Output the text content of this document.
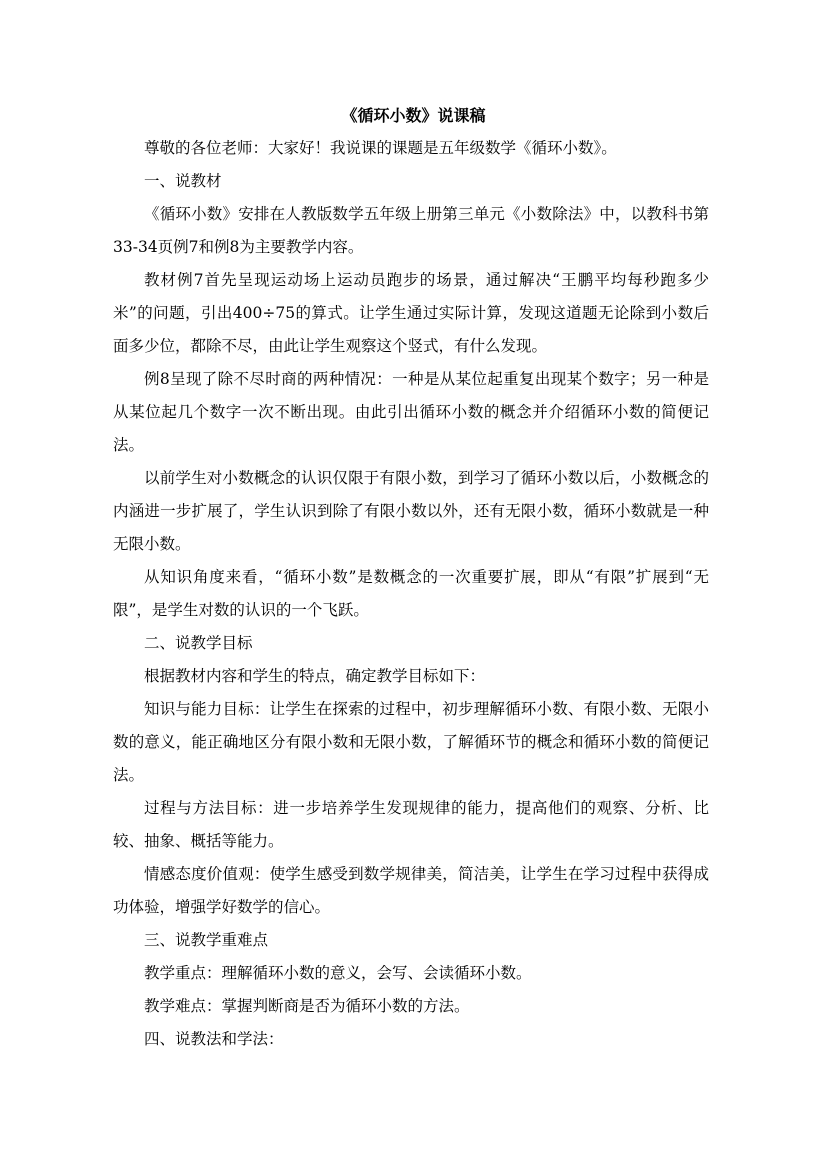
《循环小数》说课稿

尊敬的各位老师：大家好！我说课的课题是五年级数学《循环小数》。

一、说教材

《循环小数》安排在人教版数学五年级上册第三单元《小数除法》中，以教科书第33-34页例7和例8为主要教学内容。

教材例7首先呈现运动场上运动员跑步的场景，通过解决“王鹏平均每秒跑多少米”的问题，引出400÷75的算式。让学生通过实际计算，发现这道题无论除到小数后面多少位，都除不尽，由此让学生观察这个竖式，有什么发现。

例8呈现了除不尽时商的两种情况：一种是从某位起重复出现某个数字；另一种是从某位起几个数字一次不断出现。由此引出循环小数的概念并介绍循环小数的简便记法。

以前学生对小数概念的认识仅限于有限小数，到学习了循环小数以后，小数概念的内涵进一步扩展了，学生认识到除了有限小数以外，还有无限小数，循环小数就是一种无限小数。

从知识角度来看，“循环小数”是数概念的一次重要扩展，即从“有限”扩展到“无限”，是学生对数的认识的一个飞跃。

二、说教学目标

根据教材内容和学生的特点，确定教学目标如下：

知识与能力目标：让学生在探索的过程中，初步理解循环小数、有限小数、无限小数的意义，能正确地区分有限小数和无限小数，了解循环节的概念和循环小数的简便记法。

过程与方法目标：进一步培养学生发现规律的能力，提高他们的观察、分析、比较、抽象、概括等能力。

情感态度价值观：使学生感受到数学规律美，简洁美，让学生在学习过程中获得成功体验，增强学好数学的信心。

三、说教学重难点

教学重点：理解循环小数的意义，会写、会读循环小数。

教学难点：掌握判断商是否为循环小数的方法。

四、说教法和学法：
